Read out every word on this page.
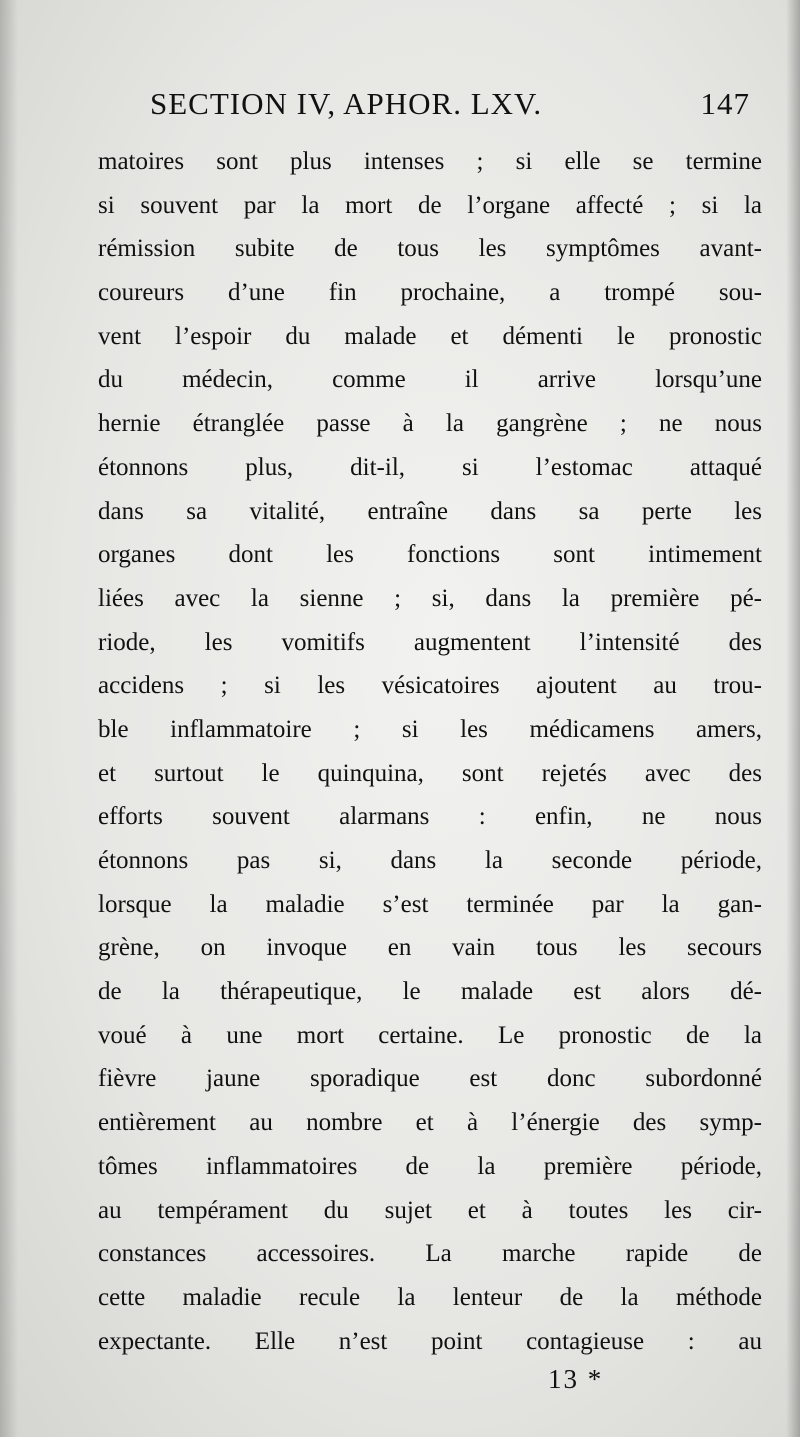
SECTION IV, APHOR. LXV.	147
matoires sont plus intenses ; si elle se termine
si souvent par la mort de l’organe affecté ; si la
rémission subite de tous les symptômes avant-
coureurs d’une fin prochaine, a trompé sou-
vent l’espoir du malade et démenti le pronostic
du médecin, comme il arrive lorsqu’une
hernie étranglée passe à la gangrène ; ne nous
étonnons plus, dit-il, si l’estomac attaqué
dans sa vitalité, entraîne dans sa perte les
organes dont les fonctions sont intimement
liées avec la sienne ; si, dans la première pé-
riode, les vomitifs augmentent l’intensité des
accidens ; si les vésicatoires ajoutent au trou-
ble inflammatoire ; si les médicamens amers,
et surtout le quinquina, sont rejetés avec des
efforts souvent alarmans : enfin, ne nous
étonnons pas si, dans la seconde période,
lorsque la maladie s’est terminée par la gan-
grène, on invoque en vain tous les secours
de la thérapeutique, le malade est alors dé-
voué à une mort certaine. Le pronostic de la
fièvre jaune sporadique est donc subordonné
entièrement au nombre et à l’énergie des symp-
tômes inflammatoires de la première période,
au tempérament du sujet et à toutes les cir-
constances accessoires. La marche rapide de
cette maladie recule la lenteur de la méthode
expectante. Elle n’est point contagieuse : au
13 *
